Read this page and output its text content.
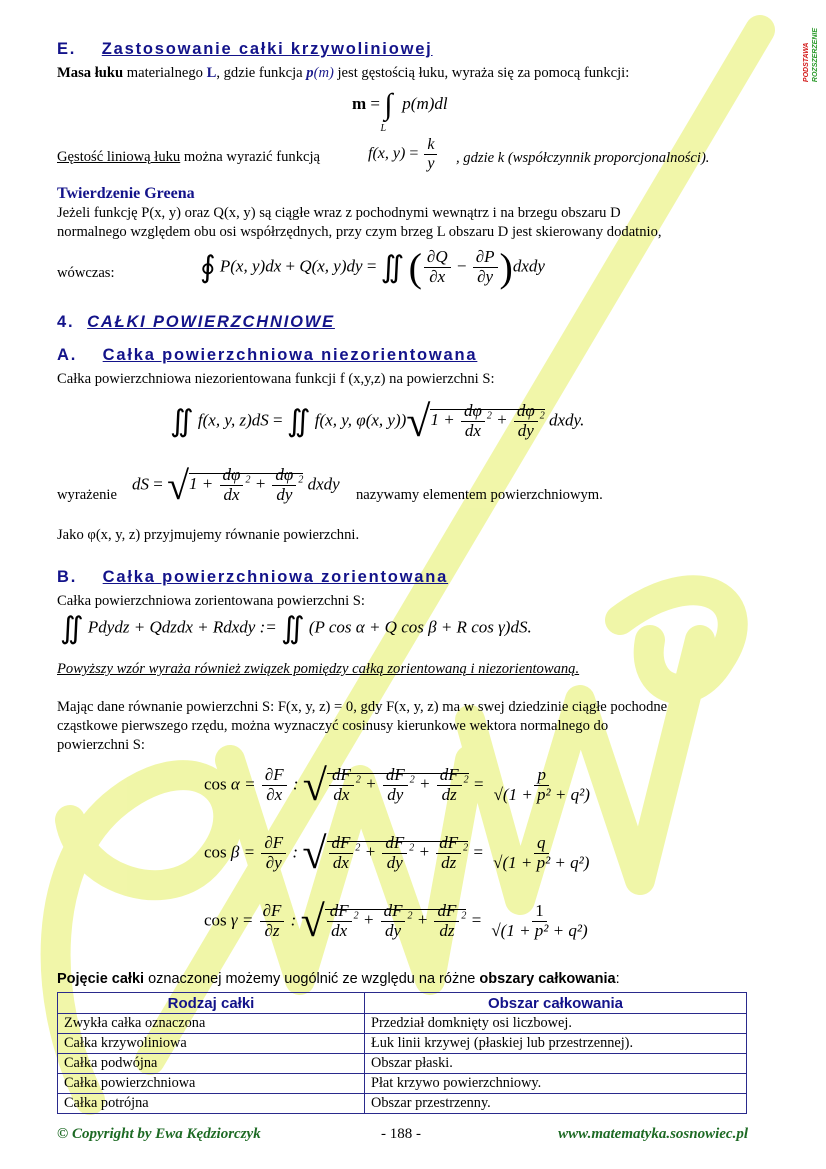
PODSTAWA ROZSZERZENIE
E. Zastosowanie całki krzywoliniowej
Masa łuku materialnego L, gdzie funkcja p(m) jest gęstością łuku, wyraża się za pomocą funkcji:
$m = \int_L$ p(m)dl
Gęstość liniową łuku można wyrazić funkcją	f(x, $y) = \frac{k}{y}$ , gdzie k (współczynnik proporcjonalności).
Twierdzenie Greena
Jeżeli funkcję P(x, y) oraz Q(x, y) są ciągłe wraz z pochodnymi wewnątrz i na brzegu obszaru D
normalnego względem obu osi współrzędnych, przy czym brzeg L obszaru D jest skierowany dodatnio,
wówczas:	∮ P(x, y)dx + Q(x, y)dy = ∬ ( $\frac{\partial Q}{\partial x} - \frac{\partial P}{\partial y}$ )dxdy
4. CAŁKI POWIERZCHNIOWE
A. Całka powierzchniowa niezorientowana
Całka powierzchniowa niezorientowana funkcji f (x,y,z) na powierzchni S:
∬ f(x, y, z)dS = ∬ f(x, y, φ(x, $y))√1 + \frac{d\varphi}{dx} ^2 + \frac{d\varphi}{dy} ^2$ dxdy.
wyrażenie
dS = $√1 + \frac{d\varphi}{dx} ^2 + \frac{d\varphi}{dy} ^2$ dxdy
nazywamy elementem powierzchniowym.
Jako φ(x, y, z) przyjmujemy równanie powierzchni.
B. Całka powierzchniowa zorientowana
Całka powierzchniowa zorientowana powierzchni S:
∬ Pdydz + Qdzdx + Rdxdy := ∬ (P cos α + Q cos β + R cos γ)dS.
Powyższy wzór wyraża również związek pomiędzy całką zorientowaną i niezorientowaną.
Mając dane równanie powierzchni S: F(x, y, z) = 0, gdy F(x, y, z) ma w swej dziedzinie ciągłe pochodne
cząstkowe pierwszego rzędu, można wyznaczyć cosinusy kierunkowe wektora normalnego do
powierzchni S:
$\cos \alpha = \frac{\partial F}{\partial x}$ : √ $\frac{dF}{dx} ^2 + \frac{dF}{dy} ^2 + \frac{dF}{dz} ^2 = \frac{p}{\text{√(1 + p² + q²)}}$
$\cos \beta = \frac{\partial F}{\partial y}$ : √ $\frac{dF}{dx} ^2 + \frac{dF}{dy} ^2 + \frac{dF}{dz} ^2 = \frac{q}{\text{√(1 + p² + q²)}}$
$\cos \gamma = \frac{\partial F}{\partial z}$ : √ $\frac{dF}{dx} ^2 + \frac{dF}{dy} ^2 + \frac{dF}{dz} ^2 = \frac{1}{\text{√(1 + p² + q²)}}$
Pojęcie całki oznaczonej możemy uogólnić ze względu na różne obszary całkowania:
Rodzaj całki	Obszar całkowania
Zwykła całka oznaczona	Przedział domknięty osi liczbowej.
Całka krzywoliniowa	Łuk linii krzywej (płaskiej lub przestrzennej).
Całka podwójna	Obszar płaski.
Całka powierzchniowa	Płat krzywo powierzchniowy.
Całka potrójna	Obszar przestrzenny.
© Copyright by Ewa Kędziorczyk	- 188 -	www.matematyka.sosnowiec.pl
